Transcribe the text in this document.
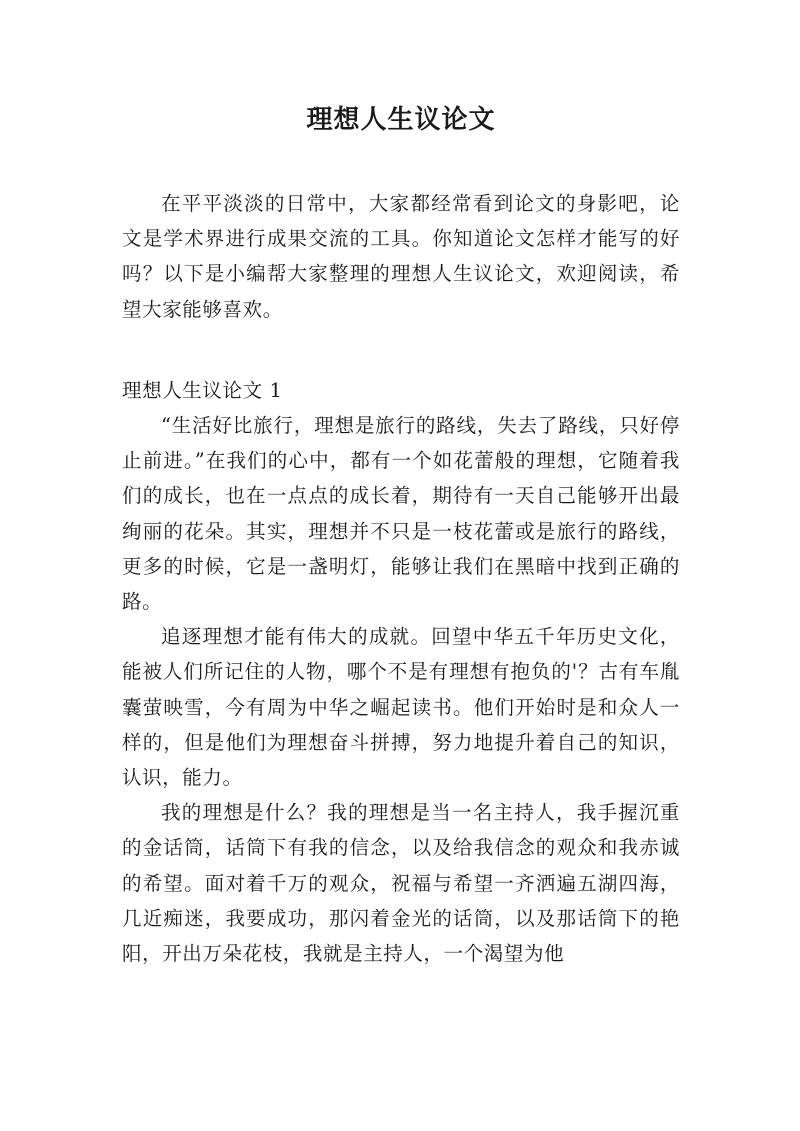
理想人生议论文

在平平淡淡的日常中，大家都经常看到论文的身影吧，论文是学术界进行成果交流的工具。你知道论文怎样才能写的好吗？以下是小编帮大家整理的理想人生议论文，欢迎阅读，希望大家能够喜欢。

理想人生议论文 1

“生活好比旅行，理想是旅行的路线，失去了路线，只好停止前进。”在我们的心中，都有一个如花蕾般的理想，它随着我们的成长，也在一点点的成长着，期待有一天自己能够开出最绚丽的花朵。其实，理想并不只是一枝花蕾或是旅行的路线，更多的时候，它是一盏明灯，能够让我们在黑暗中找到正确的路。

追逐理想才能有伟大的成就。回望中华五千年历史文化，能被人们所记住的人物，哪个不是有理想有抱负的'？古有车胤囊萤映雪，今有周为中华之崛起读书。他们开始时是和众人一样的，但是他们为理想奋斗拼搏，努力地提升着自己的知识，认识，能力。

我的理想是什么？我的理想是当一名主持人，我手握沉重的金话筒，话筒下有我的信念，以及给我信念的观众和我赤诚的希望。面对着千万的观众，祝福与希望一齐洒遍五湖四海，几近痴迷，我要成功，那闪着金光的话筒，以及那话筒下的艳阳，开出万朵花枝，我就是主持人，一个渴望为他
